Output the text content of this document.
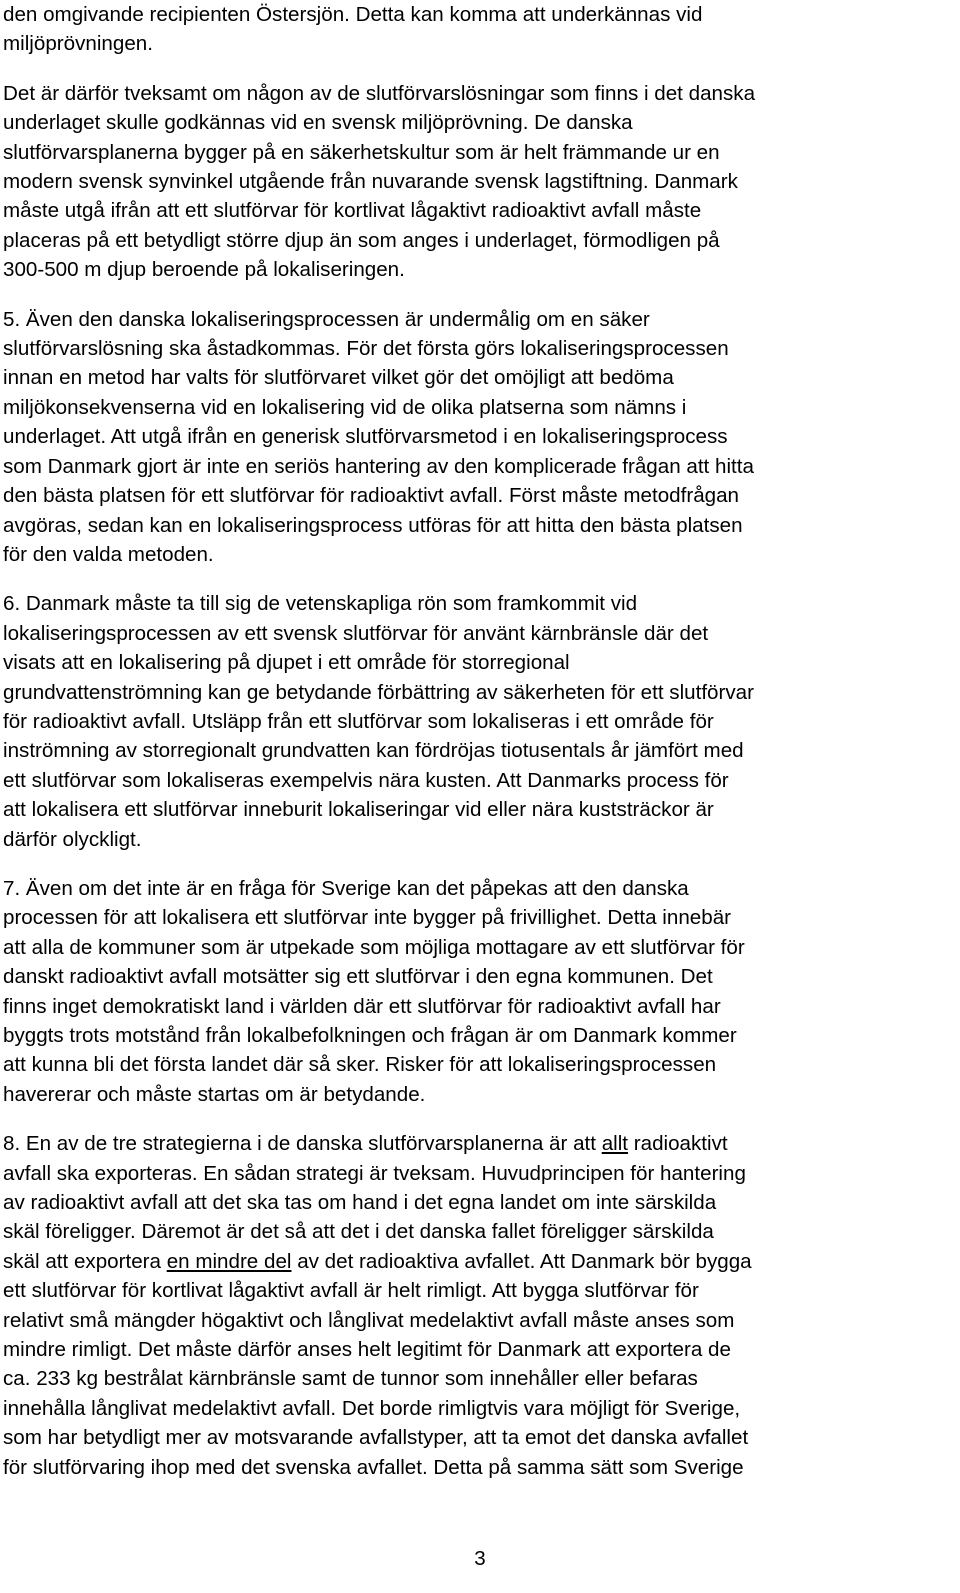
den omgivande recipienten Östersjön. Detta kan komma att underkännas vid
miljöprövningen.

Det är därför tveksamt om någon av de slutförvarslösningar som finns i det danska
underlaget skulle godkännas vid en svensk miljöprövning. De danska
slutförvarsplanerna bygger på en säkerhetskultur som är helt främmande ur en
modern svensk synvinkel utgående från nuvarande svensk lagstiftning. Danmark
måste utgå ifrån att ett slutförvar för kortlivat lågaktivt radioaktivt avfall måste
placeras på ett betydligt större djup än som anges i underlaget, förmodligen på
300-500 m djup beroende på lokaliseringen.

5. Även den danska lokaliseringsprocessen är undermålig om en säker
slutförvarslösning ska åstadkommas. För det första görs lokaliseringsprocessen
innan en metod har valts för slutförvaret vilket gör det omöjligt att bedöma
miljökonsekvenserna vid en lokalisering vid de olika platserna som nämns i
underlaget. Att utgå ifrån en generisk slutförvarsmetod i en lokaliseringsprocess
som Danmark gjort är inte en seriös hantering av den komplicerade frågan att hitta
den bästa platsen för ett slutförvar för radioaktivt avfall. Först måste metodfrågan
avgöras, sedan kan en lokaliseringsprocess utföras för att hitta den bästa platsen
för den valda metoden.

6. Danmark måste ta till sig de vetenskapliga rön som framkommit vid
lokaliseringsprocessen av ett svensk slutförvar för använt kärnbränsle där det
visats att en lokalisering på djupet i ett område för storregional
grundvattenströmning kan ge betydande förbättring av säkerheten för ett slutförvar
för radioaktivt avfall. Utsläpp från ett slutförvar som lokaliseras i ett område för
inströmning av storregionalt grundvatten kan fördröjas tiotusentals år jämfört med
ett slutförvar som lokaliseras exempelvis nära kusten. Att Danmarks process för
att lokalisera ett slutförvar inneburit lokaliseringar vid eller nära kuststräckor är
därför olyckligt.

7. Även om det inte är en fråga för Sverige kan det påpekas att den danska
processen för att lokalisera ett slutförvar inte bygger på frivillighet. Detta innebär
att alla de kommuner som är utpekade som möjliga mottagare av ett slutförvar för
danskt radioaktivt avfall motsätter sig ett slutförvar i den egna kommunen. Det
finns inget demokratiskt land i världen där ett slutförvar för radioaktivt avfall har
byggts trots motstånd från lokalbefolkningen och frågan är om Danmark kommer
att kunna bli det första landet där så sker. Risker för att lokaliseringsprocessen
havererar och måste startas om är betydande.

8. En av de tre strategierna i de danska slutförvarsplanerna är att allt radioaktivt
avfall ska exporteras. En sådan strategi är tveksam. Huvudprincipen för hantering
av radioaktivt avfall att det ska tas om hand i det egna landet om inte särskilda
skäl föreligger. Däremot är det så att det i det danska fallet föreligger särskilda
skäl att exportera en mindre del av det radioaktiva avfallet. Att Danmark bör bygga
ett slutförvar för kortlivat lågaktivt avfall är helt rimligt. Att bygga slutförvar för
relativt små mängder högaktivt och långlivat medelaktivt avfall måste anses som
mindre rimligt. Det måste därför anses helt legitimt för Danmark att exportera de
ca. 233 kg bestrålat kärnbränsle samt de tunnor som innehåller eller befaras
innehålla långlivat medelaktivt avfall. Det borde rimligtvis vara möjligt för Sverige,
som har betydligt mer av motsvarande avfallstyper, att ta emot det danska avfallet
för slutförvaring ihop med det svenska avfallet. Detta på samma sätt som Sverige

3
